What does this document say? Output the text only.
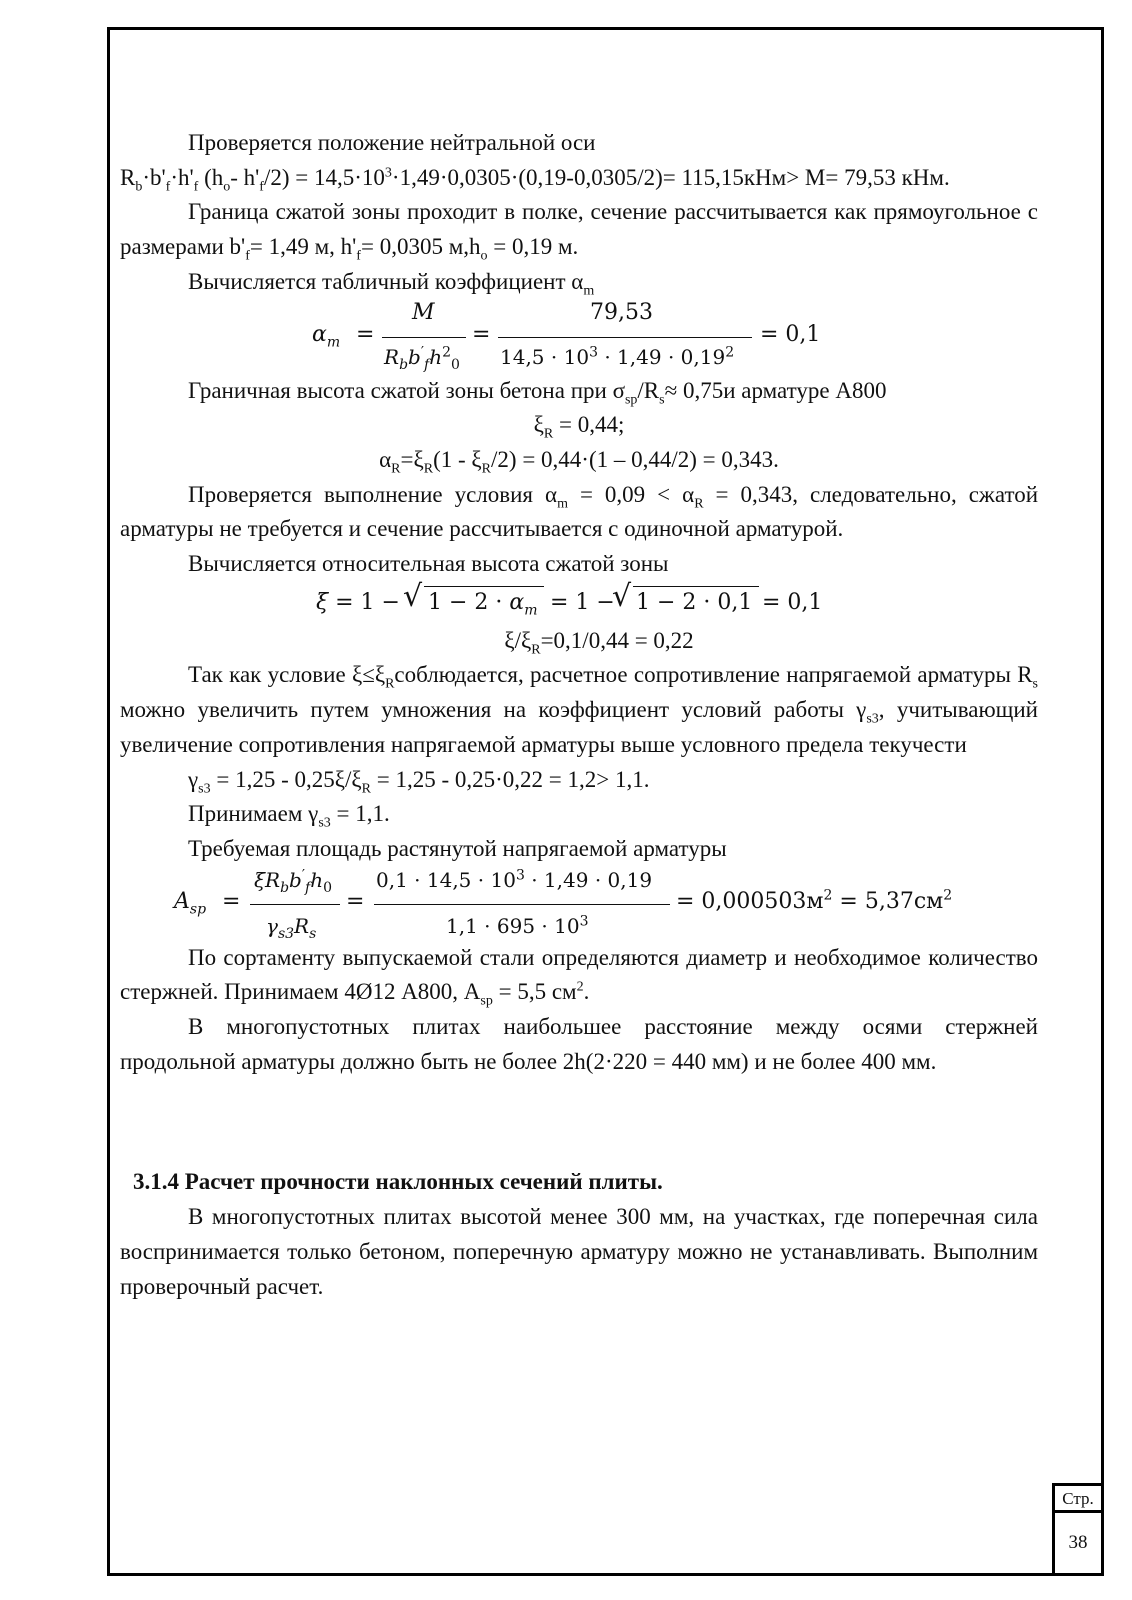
Проверяется положение нейтральной оси

$R_b\cdot b'_f\cdot h'_f$ ($h_o-$ $h'_f/2) = 14,5\cdot 10^3\cdot 1,49\cdot 0,0305\cdot(0,19-0,0305/2)= 115,15кНм> М= 79,53$ кНм.

Граница сжатой зоны проходит в полке, сечение рассчитывается как прямоугольное с размерами $b'_f= 1,49$ м, $h'_f= 0,0305$ $м,h_o = 0,19$ м.

Вычисляется табличный коэффициент $\alpha_m$

$\alpha_m$ =
M
$R_bb'_fh^2_0$
=
79,53
$14,5 \cdot 10^3 \cdot 1,49 \cdot 0,19^2$
= 0,1

Граничная высота сжатой зоны бетона при $\sigma_{sp}/R_s\approx 0,75и$ арматуре А800

$\xi_R = 0,44$;

$\alpha_R=\xi_R(1 - \xi_R/2) = 0,44\cdot(1 - 0,44/2) = 0,343$.

Проверяется выполнение условия $\alpha_m = 0,09 < \alpha_R = 0,343$, следовательно, сжатой арматуры не требуется и сечение рассчитывается с одиночной арматурой.

Вычисляется относительная высота сжатой зоны

ξ = 1 − √ $1 - 2 \cdot \alpha_m = 1$ −
√ 1 − 2 · 0,1 = 0,1

$\xi/\xi_R=0,1/0,44 = 0,22$

Так как условие $\xi\le\xi_Rсоблюдается$, расчетное сопротивление напрягаемой арматуры $R_s$ можно увеличить путем умножения на коэффициент условий работы $\gamma_{s3}$, учитывающий увеличение сопротивления напрягаемой арматуры выше условного предела текучести

$\gamma_{s3} = 1,25 - 0,25\xi/\xi_R = 1,25 - 0,25\cdot 0,22 = 1,2> 1,1$.

Принимаем $\gamma_{s3} = 1,1$.

Требуемая площадь растянутой напрягаемой арматуры

$A_{sp}$ =
$\xi R_bb'_fh_0$
$\gamma_{s3}R_s$
=
$0,1 \cdot 14,5 \cdot 10^3 \cdot 1,49 \cdot 0,19$
$1,1 \cdot 695 \cdot 10^3$
= $0,000503м^2 = 5,37см^2$

По сортаменту выпускаемой стали определяются диаметр и необходимое количество стержней. Принимаем 4Ø12 А800, $А_{sp} = 5,5$ $см^2$.

В многопустотных плитах наибольшее расстояние между осями стержней продольной арматуры должно быть не более 2h(2·220 = 440 мм) и не более 400 мм.

3.1.4 Расчет прочности наклонных сечений плиты.

В многопустотных плитах высотой менее 300 мм, на участках, где поперечная сила воспринимается только бетоном, поперечную арматуру можно не устанавливать. Выполним проверочный расчет.

Стр.
38
